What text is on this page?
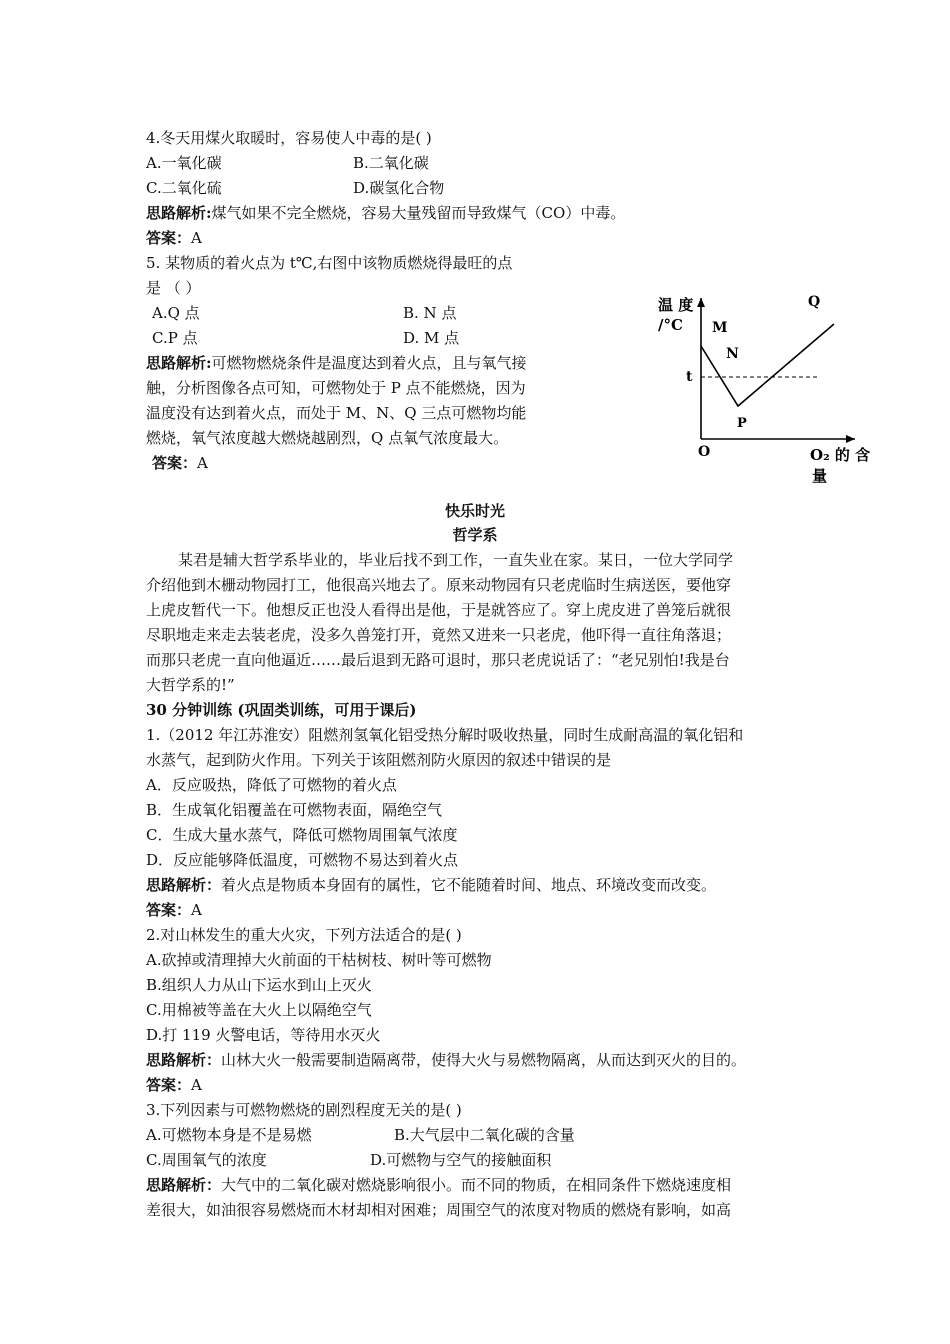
4.冬天用煤火取暖时，容易使人中毒的是( )
A.一氧化碳	B.二氧化碳
C.二氧化硫	D.碳氢化合物
思路解析:煤气如果不完全燃烧，容易大量残留而导致煤气（CO）中毒。
答案：A
5. 某物质的着火点为 t℃,右图中该物质燃烧得最旺的点
是 （ ）
A.Q 点	B. N 点
C.P 点	D. M 点
思路解析:可燃物燃烧条件是温度达到着火点，且与氧气接
触，分析图像各点可知，可燃物处于 P 点不能燃烧，因为
温度没有达到着火点，而处于 M、N、Q 三点可燃物均能
燃烧，氧气浓度越大燃烧越剧烈，Q 点氧气浓度最大。
答案：A
温 度
/°C
O
t
M
N
P
Q
O₂ 的 含
量
快乐时光
哲学系
某君是辅大哲学系毕业的，毕业后找不到工作，一直失业在家。某日，一位大学同学
介绍他到木栅动物园打工，他很高兴地去了。原来动物园有只老虎临时生病送医，要他穿
上虎皮暂代一下。他想反正也没人看得出是他，于是就答应了。穿上虎皮进了兽笼后就很
尽职地走来走去装老虎，没多久兽笼打开，竟然又进来一只老虎，他吓得一直往角落退；
而那只老虎一直向他逼近……最后退到无路可退时，那只老虎说话了：“老兄别怕!我是台
大哲学系的!”
30 分钟训练 (巩固类训练，可用于课后)
1.（2012 年江苏淮安）阻燃剂氢氧化铝受热分解时吸收热量，同时生成耐高温的氧化铝和
水蒸气，起到防火作用。下列关于该阻燃剂防火原因的叙述中错误的是
A．反应吸热，降低了可燃物的着火点
B．生成氧化铝覆盖在可燃物表面，隔绝空气
C．生成大量水蒸气，降低可燃物周围氧气浓度
D．反应能够降低温度，可燃物不易达到着火点
思路解析：着火点是物质本身固有的属性，它不能随着时间、地点、环境改变而改变。
答案：A
2.对山林发生的重大火灾，下列方法适合的是( )
A.砍掉或清理掉大火前面的干枯树枝、树叶等可燃物
B.组织人力从山下运水到山上灭火
C.用棉被等盖在大火上以隔绝空气
D.打 119 火警电话，等待用水灭火
思路解析：山林大火一般需要制造隔离带，使得大火与易燃物隔离，从而达到灭火的目的。
答案：A
3.下列因素与可燃物燃烧的剧烈程度无关的是( )
A.可燃物本身是不是易燃	B.大气层中二氧化碳的含量
C.周围氧气的浓度	D.可燃物与空气的接触面积
思路解析：大气中的二氧化碳对燃烧影响很小。而不同的物质，在相同条件下燃烧速度相
差很大，如油很容易燃烧而木材却相对困难；周围空气的浓度对物质的燃烧有影响，如高
